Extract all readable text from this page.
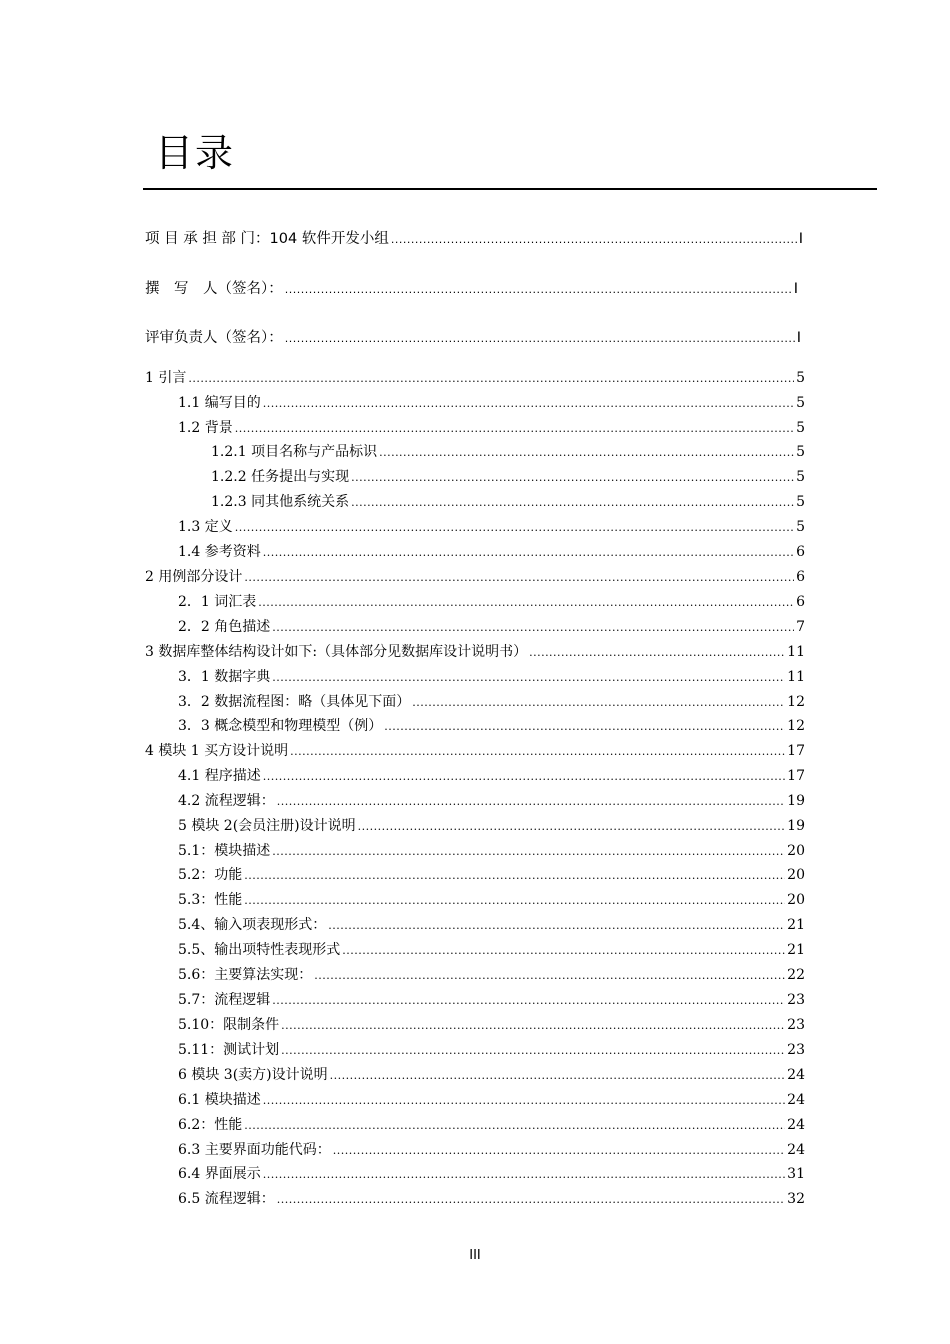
目录
项 目 承 担 部 门：104 软件开发小组 .....	I
撰　写　人（签名）： .....	I
评审负责人（签名）： .....	I
1 引言 .....	5
1.1 编写目的 .....	5
1.2 背景 .....	5
1.2.1 项目名称与产品标识 .....	5
1.2.2 任务提出与实现 .....	5
1.2.3 同其他系统关系 .....	5
1.3 定义 .....	5
1.4 参考资料 .....	6
2 用例部分设计 .....	6
2．1 词汇表 .....	6
2．2 角色描述 .....	7
3 数据库整体结构设计如下:（具体部分见数据库设计说明书） .....	11
3．1 数据字典 .....	11
3．2 数据流程图：略（具体见下面） .....	12
3．3 概念模型和物理模型（例） .....	12
4 模块 1 买方设计说明 .....	17
4.1 程序描述 .....	17
4.2 流程逻辑： .....	19
5 模块 2(会员注册)设计说明 .....	19
5.1：模块描述 .....	20
5.2：功能 .....	20
5.3：性能 .....	20
5.4、输入项表现形式： .....	21
5.5、输出项特性表现形式 .....	21
5.6：主要算法实现： .....	22
5.7：流程逻辑 .....	23
5.10：限制条件 .....	23
5.11：测试计划 .....	23
6 模块 3(卖方)设计说明 .....	24
6.1 模块描述 .....	24
6.2：性能 .....	24
6.3 主要界面功能代码： .....	24
6.4 界面展示 .....	31
6.5 流程逻辑： .....	32
III
